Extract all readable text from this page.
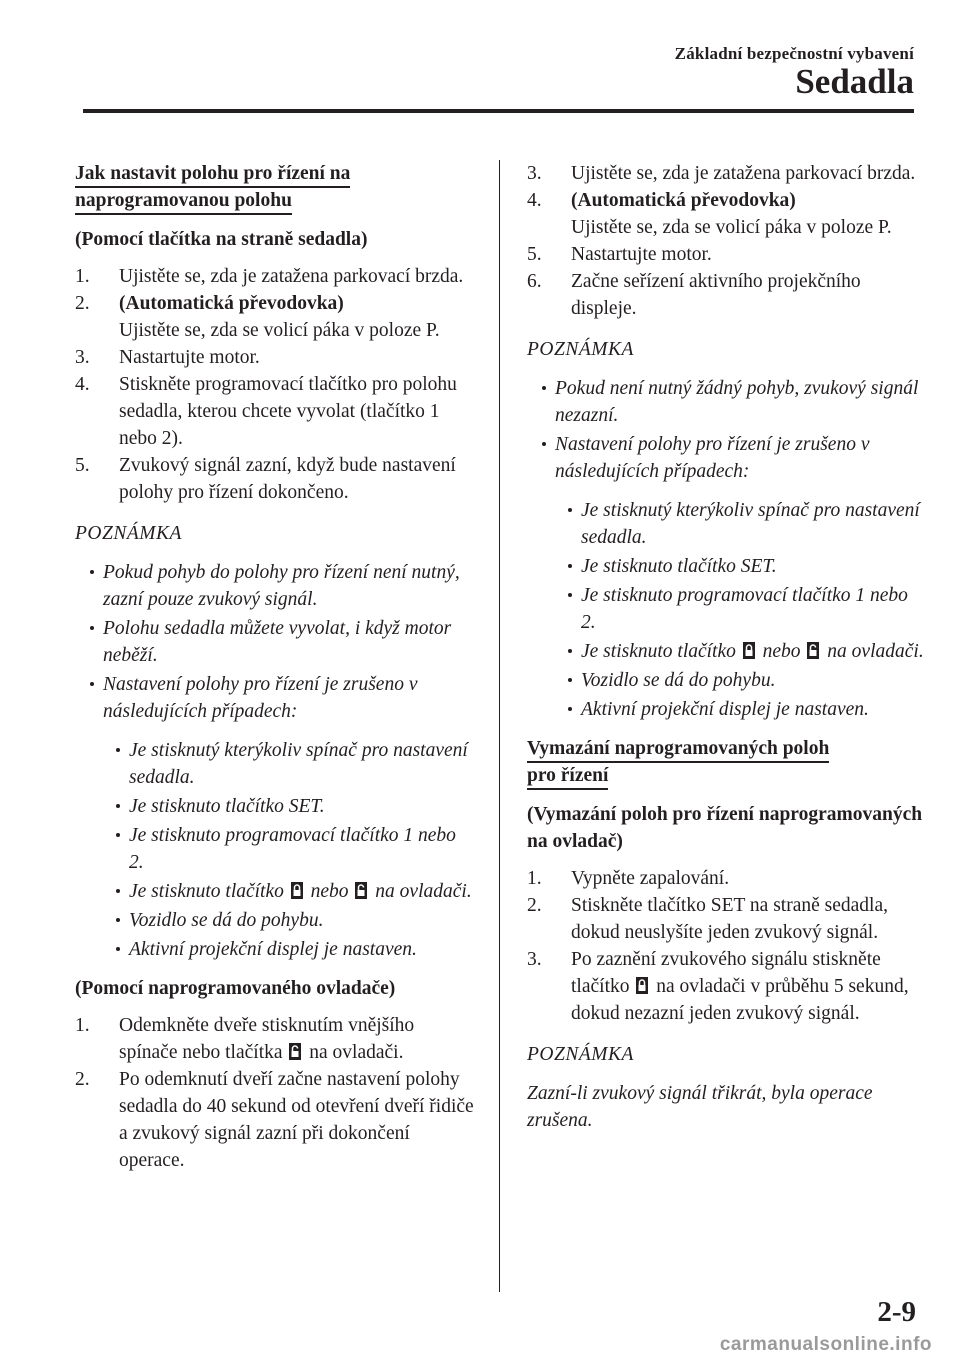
Základní bezpečnostní vybavení
Sedadla
Jak nastavit polohu pro řízení na
naprogramovanou polohu
(Pomocí tlačítka na straně sedadla)
1. Ujistěte se, zda je zatažena parkovací brzda.
2. (Automatická převodovka)
Ujistěte se, zda se volicí páka v poloze P.
3. Nastartujte motor.
4. Stiskněte programovací tlačítko pro polohu sedadla, kterou chcete vyvolat (tlačítko 1 nebo 2).
5. Zvukový signál zazní, když bude nastavení polohy pro řízení dokončeno.
POZNÁMKA
Pokud pohyb do polohy pro řízení není nutný, zazní pouze zvukový signál.
Polohu sedadla můžete vyvolat, i když motor neběží.
Nastavení polohy pro řízení je zrušeno v následujících případech:
Je stisknutý kterýkoliv spínač pro nastavení sedadla.
Je stisknuto tlačítko SET.
Je stisknuto programovací tlačítko 1 nebo 2.
Je stisknuto tlačítko  nebo  na ovladači.
Vozidlo se dá do pohybu.
Aktivní projekční displej je nastaven.
(Pomocí naprogramovaného ovladače)
1. Odemkněte dveře stisknutím vnějšího spínače nebo tlačítka  na ovladači.
2. Po odemknutí dveří začne nastavení polohy sedadla do 40 sekund od otevření dveří řidiče a zvukový signál zazní při dokončení operace.
3. Ujistěte se, zda je zatažena parkovací brzda.
4. (Automatická převodovka)
Ujistěte se, zda se volicí páka v poloze P.
5. Nastartujte motor.
6. Začne seřízení aktivního projekčního displeje.
POZNÁMKA
Pokud není nutný žádný pohyb, zvukový signál nezazní.
Nastavení polohy pro řízení je zrušeno v následujících případech:
Je stisknutý kterýkoliv spínač pro nastavení sedadla.
Je stisknuto tlačítko SET.
Je stisknuto programovací tlačítko 1 nebo 2.
Je stisknuto tlačítko  nebo  na ovladači.
Vozidlo se dá do pohybu.
Aktivní projekční displej je nastaven.
Vymazání naprogramovaných poloh
pro řízení
(Vymazání poloh pro řízení naprogramovaných na ovladač)
1. Vypněte zapalování.
2. Stiskněte tlačítko SET na straně sedadla, dokud neuslyšíte jeden zvukový signál.
3. Po zaznění zvukového signálu stiskněte tlačítko  na ovladači v průběhu 5 sekund, dokud nezazní jeden zvukový signál.
POZNÁMKA

Zazní-li zvukový signál třikrát, byla operace zrušena.

2-9
carmanualsonline.info
